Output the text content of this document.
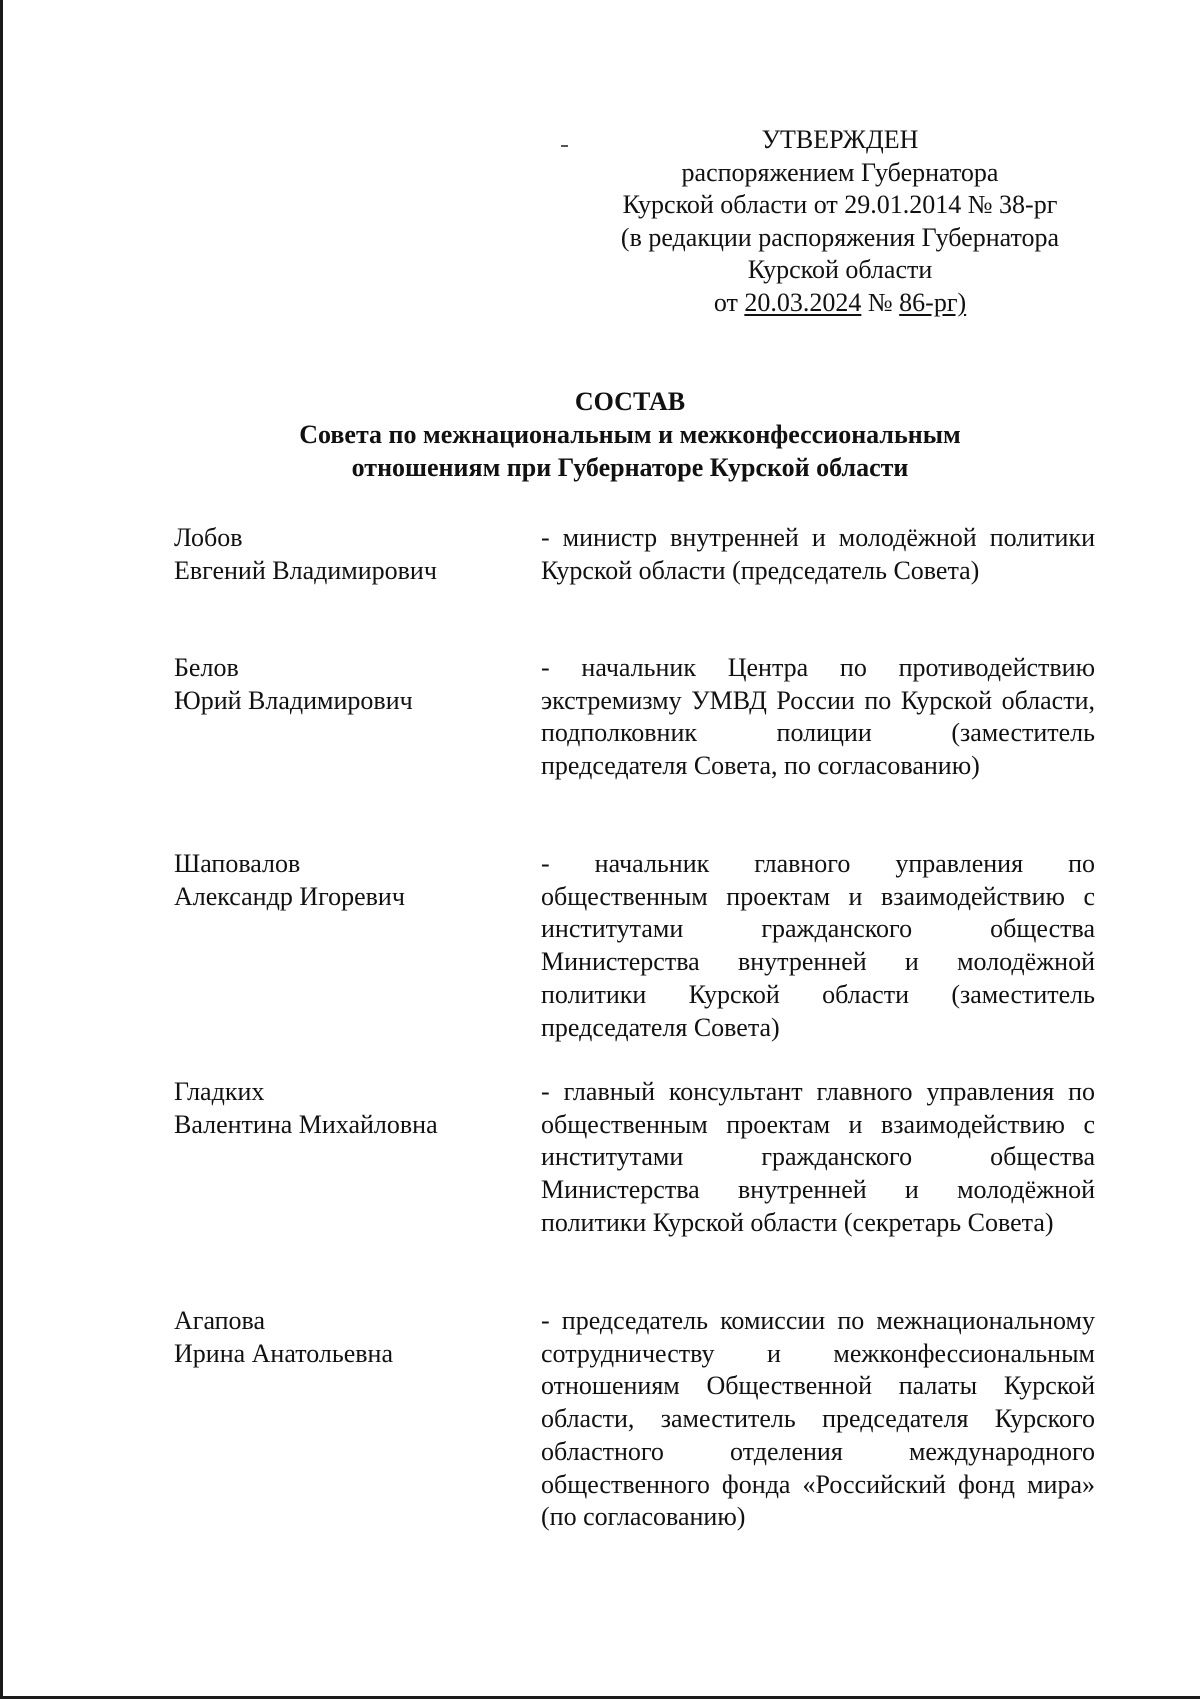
УТВЕРЖДЕН
распоряжением Губернатора
Курской области от 29.01.2014 № 38-рг
(в редакции распоряжения Губернатора
Курской области
от 20.03.2024 № 86-рг)
СОСТАВ
Совета по межнациональным и межконфессиональным
отношениям при Губернаторе Курской области
Лобов
Евгений Владимирович
- министр внутренней и молодёжной политики Курской области (председатель Совета)
Белов
Юрий Владимирович
- начальник Центра по противодействию экстремизму УМВД России по Курской области, подполковник полиции (заместитель председателя Совета, по согласованию)
Шаповалов
Александр Игоревич
- начальник главного управления по общественным проектам и взаимодействию с институтами гражданского общества Министерства внутренней и молодёжной политики Курской области (заместитель председателя Совета)
Гладких
Валентина Михайловна
- главный консультант главного управления по общественным проектам и взаимодействию с институтами гражданского общества Министерства внутренней и молодёжной политики Курской области (секретарь Совета)
Агапова
Ирина Анатольевна
- председатель комиссии по межнациональному сотрудничеству и межконфессиональным отношениям Общественной палаты Курской области, заместитель председателя Курского областного отделения международного общественного фонда «Российский фонд мира» (по согласованию)
